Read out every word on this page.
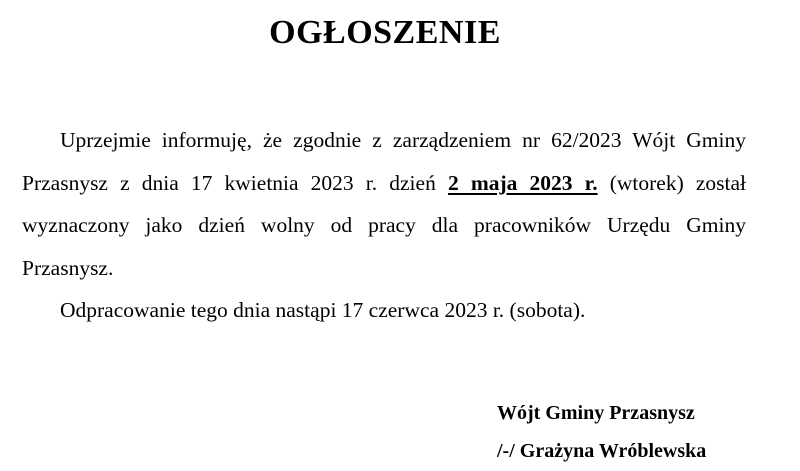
OGŁOSZENIE

Uprzejmie informuję, że zgodnie z zarządzeniem nr 62/2023 Wójt Gminy Przasnysz z dnia 17 kwietnia 2023 r. dzień 2 maja 2023 r. (wtorek) został wyznaczony jako dzień wolny od pracy dla pracowników Urzędu Gminy Przasnysz.

Odpracowanie tego dnia nastąpi 17 czerwca 2023 r. (sobota).

Wójt Gminy Przasnysz
/-/ Grażyna Wróblewska
